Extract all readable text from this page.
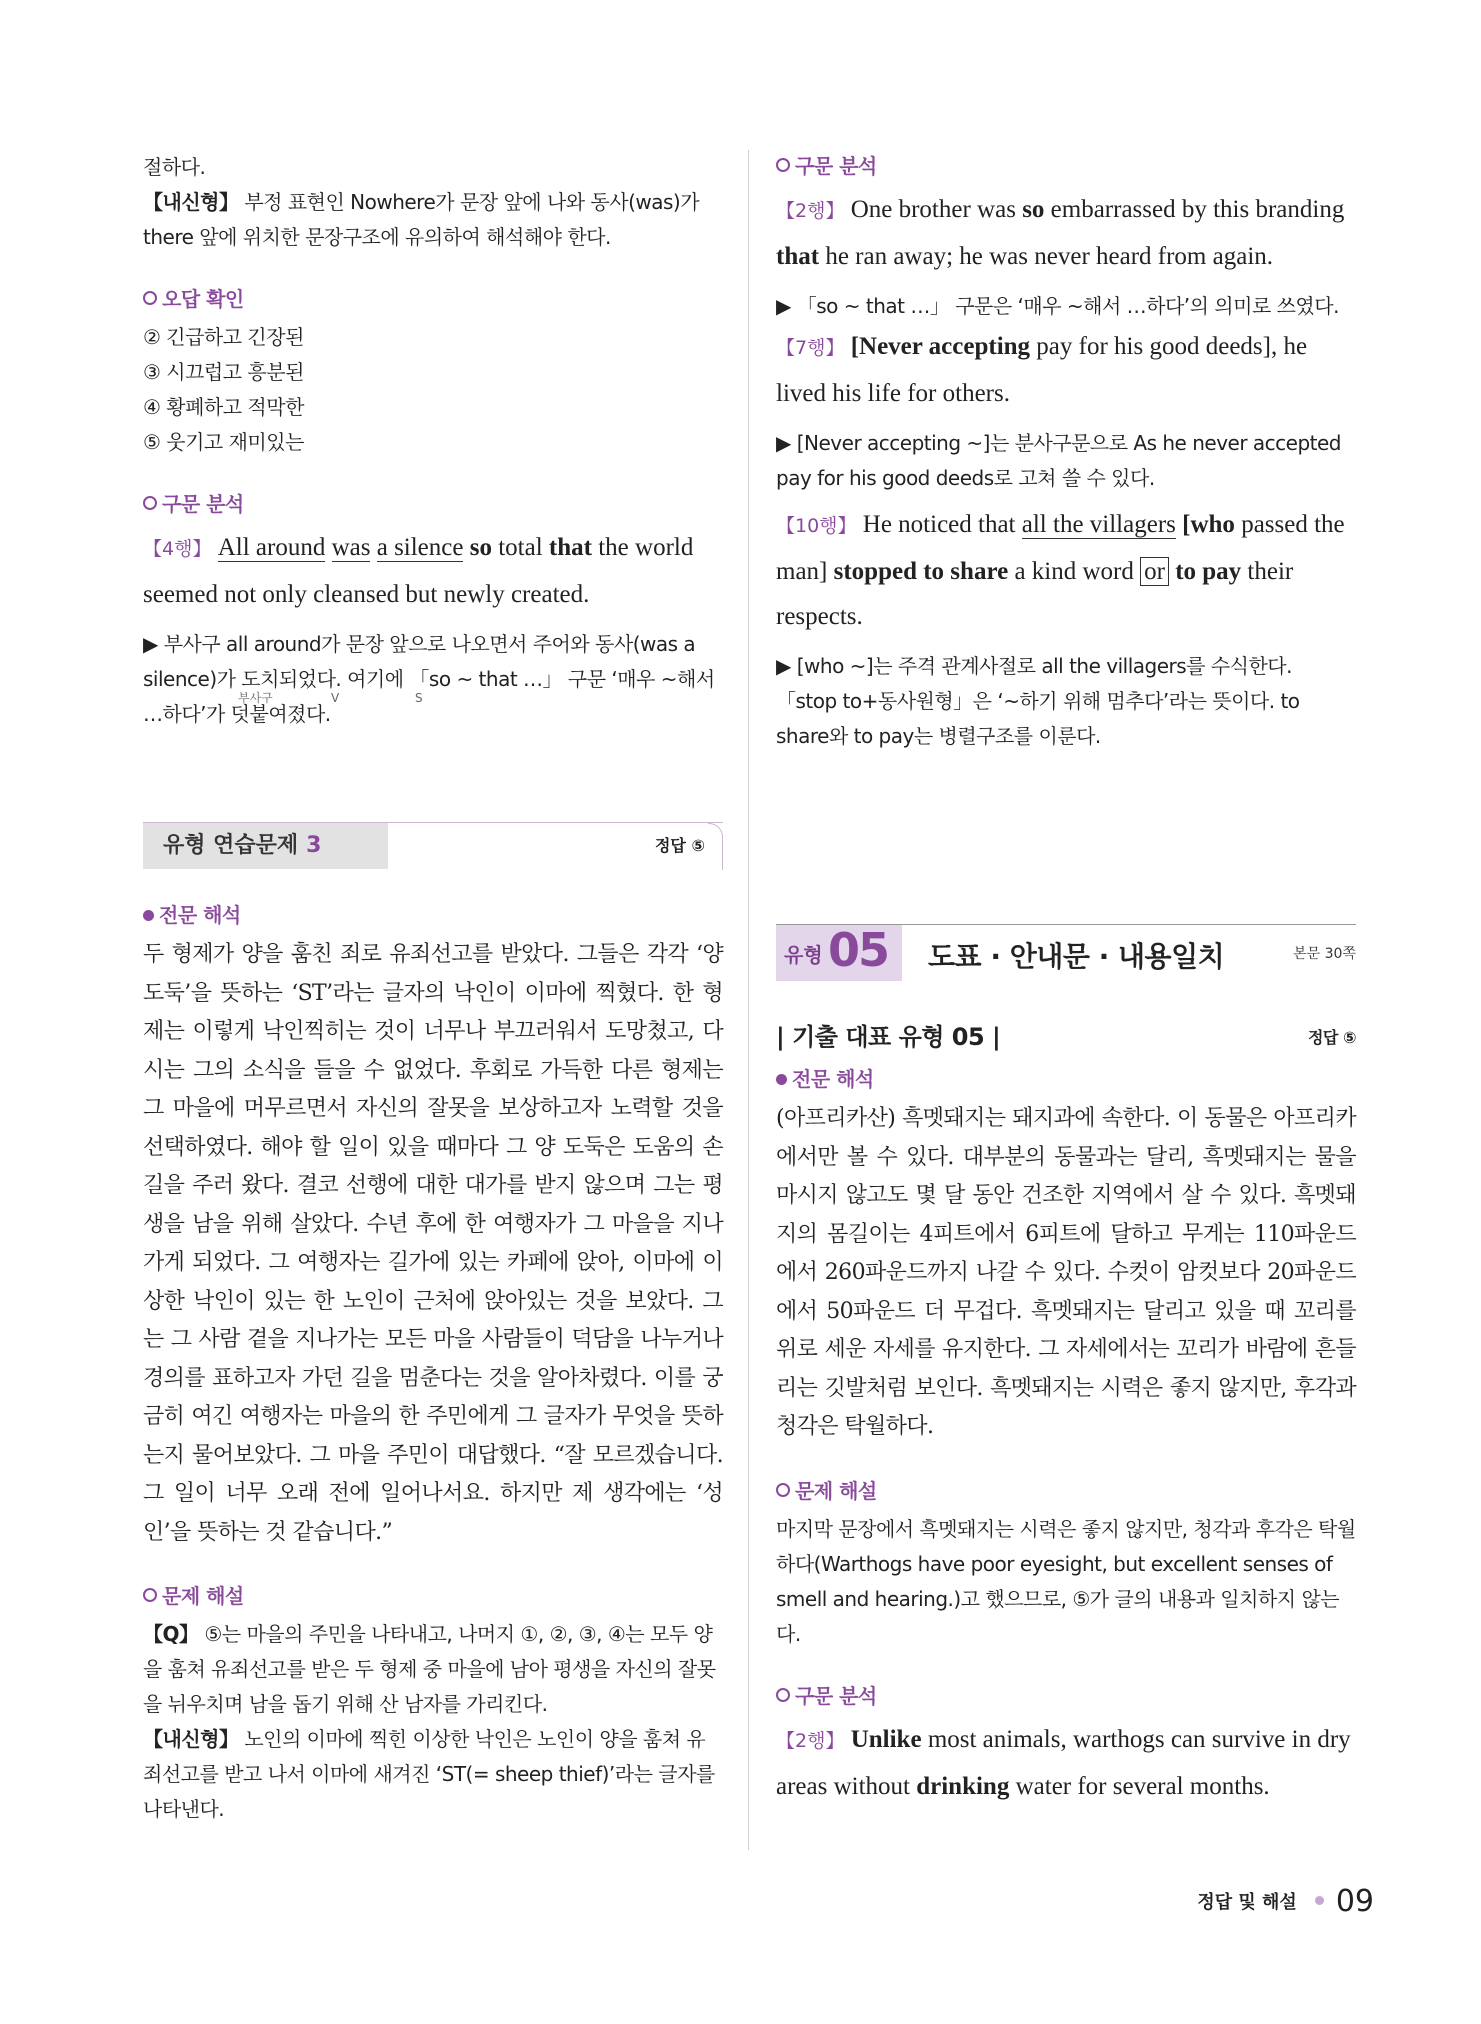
절하다.

【내신형】 부정 표현인 Nowhere가 문장 앞에 나와 동사(was)가 there 앞에 위치한 문장구조에 유의하여 해석해야 한다.

오답 확인

② 긴급하고 긴장된

③ 시끄럽고 흥분된

④ 황폐하고 적막한

⑤ 웃기고 재미있는

구문 분석

【4행】 All around was a silence so total that the world seemed not only cleansed but newly created.

부사구	V	S

▶ 부사구 all around가 문장 앞으로 나오면서 주어와 동사(was a silence)가 도치되었다. 여기에 「so ~ that …」 구문 ‘매우 ~해서 …하다’가 덧붙여졌다.

유형 연습문제 3	정답 ⑤
전문 해석

두 형제가 양을 훔친 죄로 유죄선고를 받았다. 그들은 각각 ‘양 도둑’을 뜻하는 ‘ST’라는 글자의 낙인이 이마에 찍혔다. 한 형제는 이렇게 낙인찍히는 것이 너무나 부끄러워서 도망쳤고, 다시는 그의 소식을 들을 수 없었다. 후회로 가득한 다른 형제는 그 마을에 머무르면서 자신의 잘못을 보상하고자 노력할 것을 선택하였다. 해야 할 일이 있을 때마다 그 양 도둑은 도움의 손길을 주러 왔다. 결코 선행에 대한 대가를 받지 않으며 그는 평생을 남을 위해 살았다. 수년 후에 한 여행자가 그 마을을 지나가게 되었다. 그 여행자는 길가에 있는 카페에 앉아, 이마에 이상한 낙인이 있는 한 노인이 근처에 앉아있는 것을 보았다. 그는 그 사람 곁을 지나가는 모든 마을 사람들이 덕담을 나누거나 경의를 표하고자 가던 길을 멈춘다는 것을 알아차렸다. 이를 궁금히 여긴 여행자는 마을의 한 주민에게 그 글자가 무엇을 뜻하는지 물어보았다. 그 마을 주민이 대답했다. “잘 모르겠습니다. 그 일이 너무 오래 전에 일어나서요. 하지만 제 생각에는 ‘성인’을 뜻하는 것 같습니다.”

문제 해설

【Q】 ⑤는 마을의 주민을 나타내고, 나머지 ①, ②, ③, ④는 모두 양을 훔쳐 유죄선고를 받은 두 형제 중 마을에 남아 평생을 자신의 잘못을 뉘우치며 남을 돕기 위해 산 남자를 가리킨다.

【내신형】 노인의 이마에 찍힌 이상한 낙인은 노인이 양을 훔쳐 유죄선고를 받고 나서 이마에 새겨진 ‘ST(= sheep thief)’라는 글자를 나타낸다.

구문 분석

【2행】 One brother was so embarrassed by this branding that he ran away; he was never heard from again.

▶ 「so ~ that …」 구문은 ‘매우 ~해서 …하다’의 의미로 쓰였다.

【7행】 [Never accepting pay for his good deeds], he lived his life for others.

▶ [Never accepting ~]는 분사구문으로 As he never accepted pay for his good deeds로 고쳐 쓸 수 있다.

【10행】 He noticed that all the villagers [who passed the man] stopped to share a kind word or to pay their respects.

▶ [who ~]는 주격 관계사절로 all the villagers를 수식한다. 「stop to+동사원형」은 ‘~하기 위해 멈추다’라는 뜻이다. to share와 to pay는 병렬구조를 이룬다.

유형 05 도표 · 안내문 · 내용일치	본문 30쪽
| 기출 대표 유형 05 |	정답 ⑤
전문 해석

(아프리카산) 흑멧돼지는 돼지과에 속한다. 이 동물은 아프리카에서만 볼 수 있다. 대부분의 동물과는 달리, 흑멧돼지는 물을 마시지 않고도 몇 달 동안 건조한 지역에서 살 수 있다. 흑멧돼지의 몸길이는 4피트에서 6피트에 달하고 무게는 110파운드에서 260파운드까지 나갈 수 있다. 수컷이 암컷보다 20파운드에서 50파운드 더 무겁다. 흑멧돼지는 달리고 있을 때 꼬리를 위로 세운 자세를 유지한다. 그 자세에서는 꼬리가 바람에 흔들리는 깃발처럼 보인다. 흑멧돼지는 시력은 좋지 않지만, 후각과 청각은 탁월하다.

문제 해설

마지막 문장에서 흑멧돼지는 시력은 좋지 않지만, 청각과 후각은 탁월하다(Warthogs have poor eyesight, but excellent senses of smell and hearing.)고 했으므로, ⑤가 글의 내용과 일치하지 않는다.

구문 분석

【2행】 Unlike most animals, warthogs can survive in dry areas without drinking water for several months.

정답 및 해설 09
